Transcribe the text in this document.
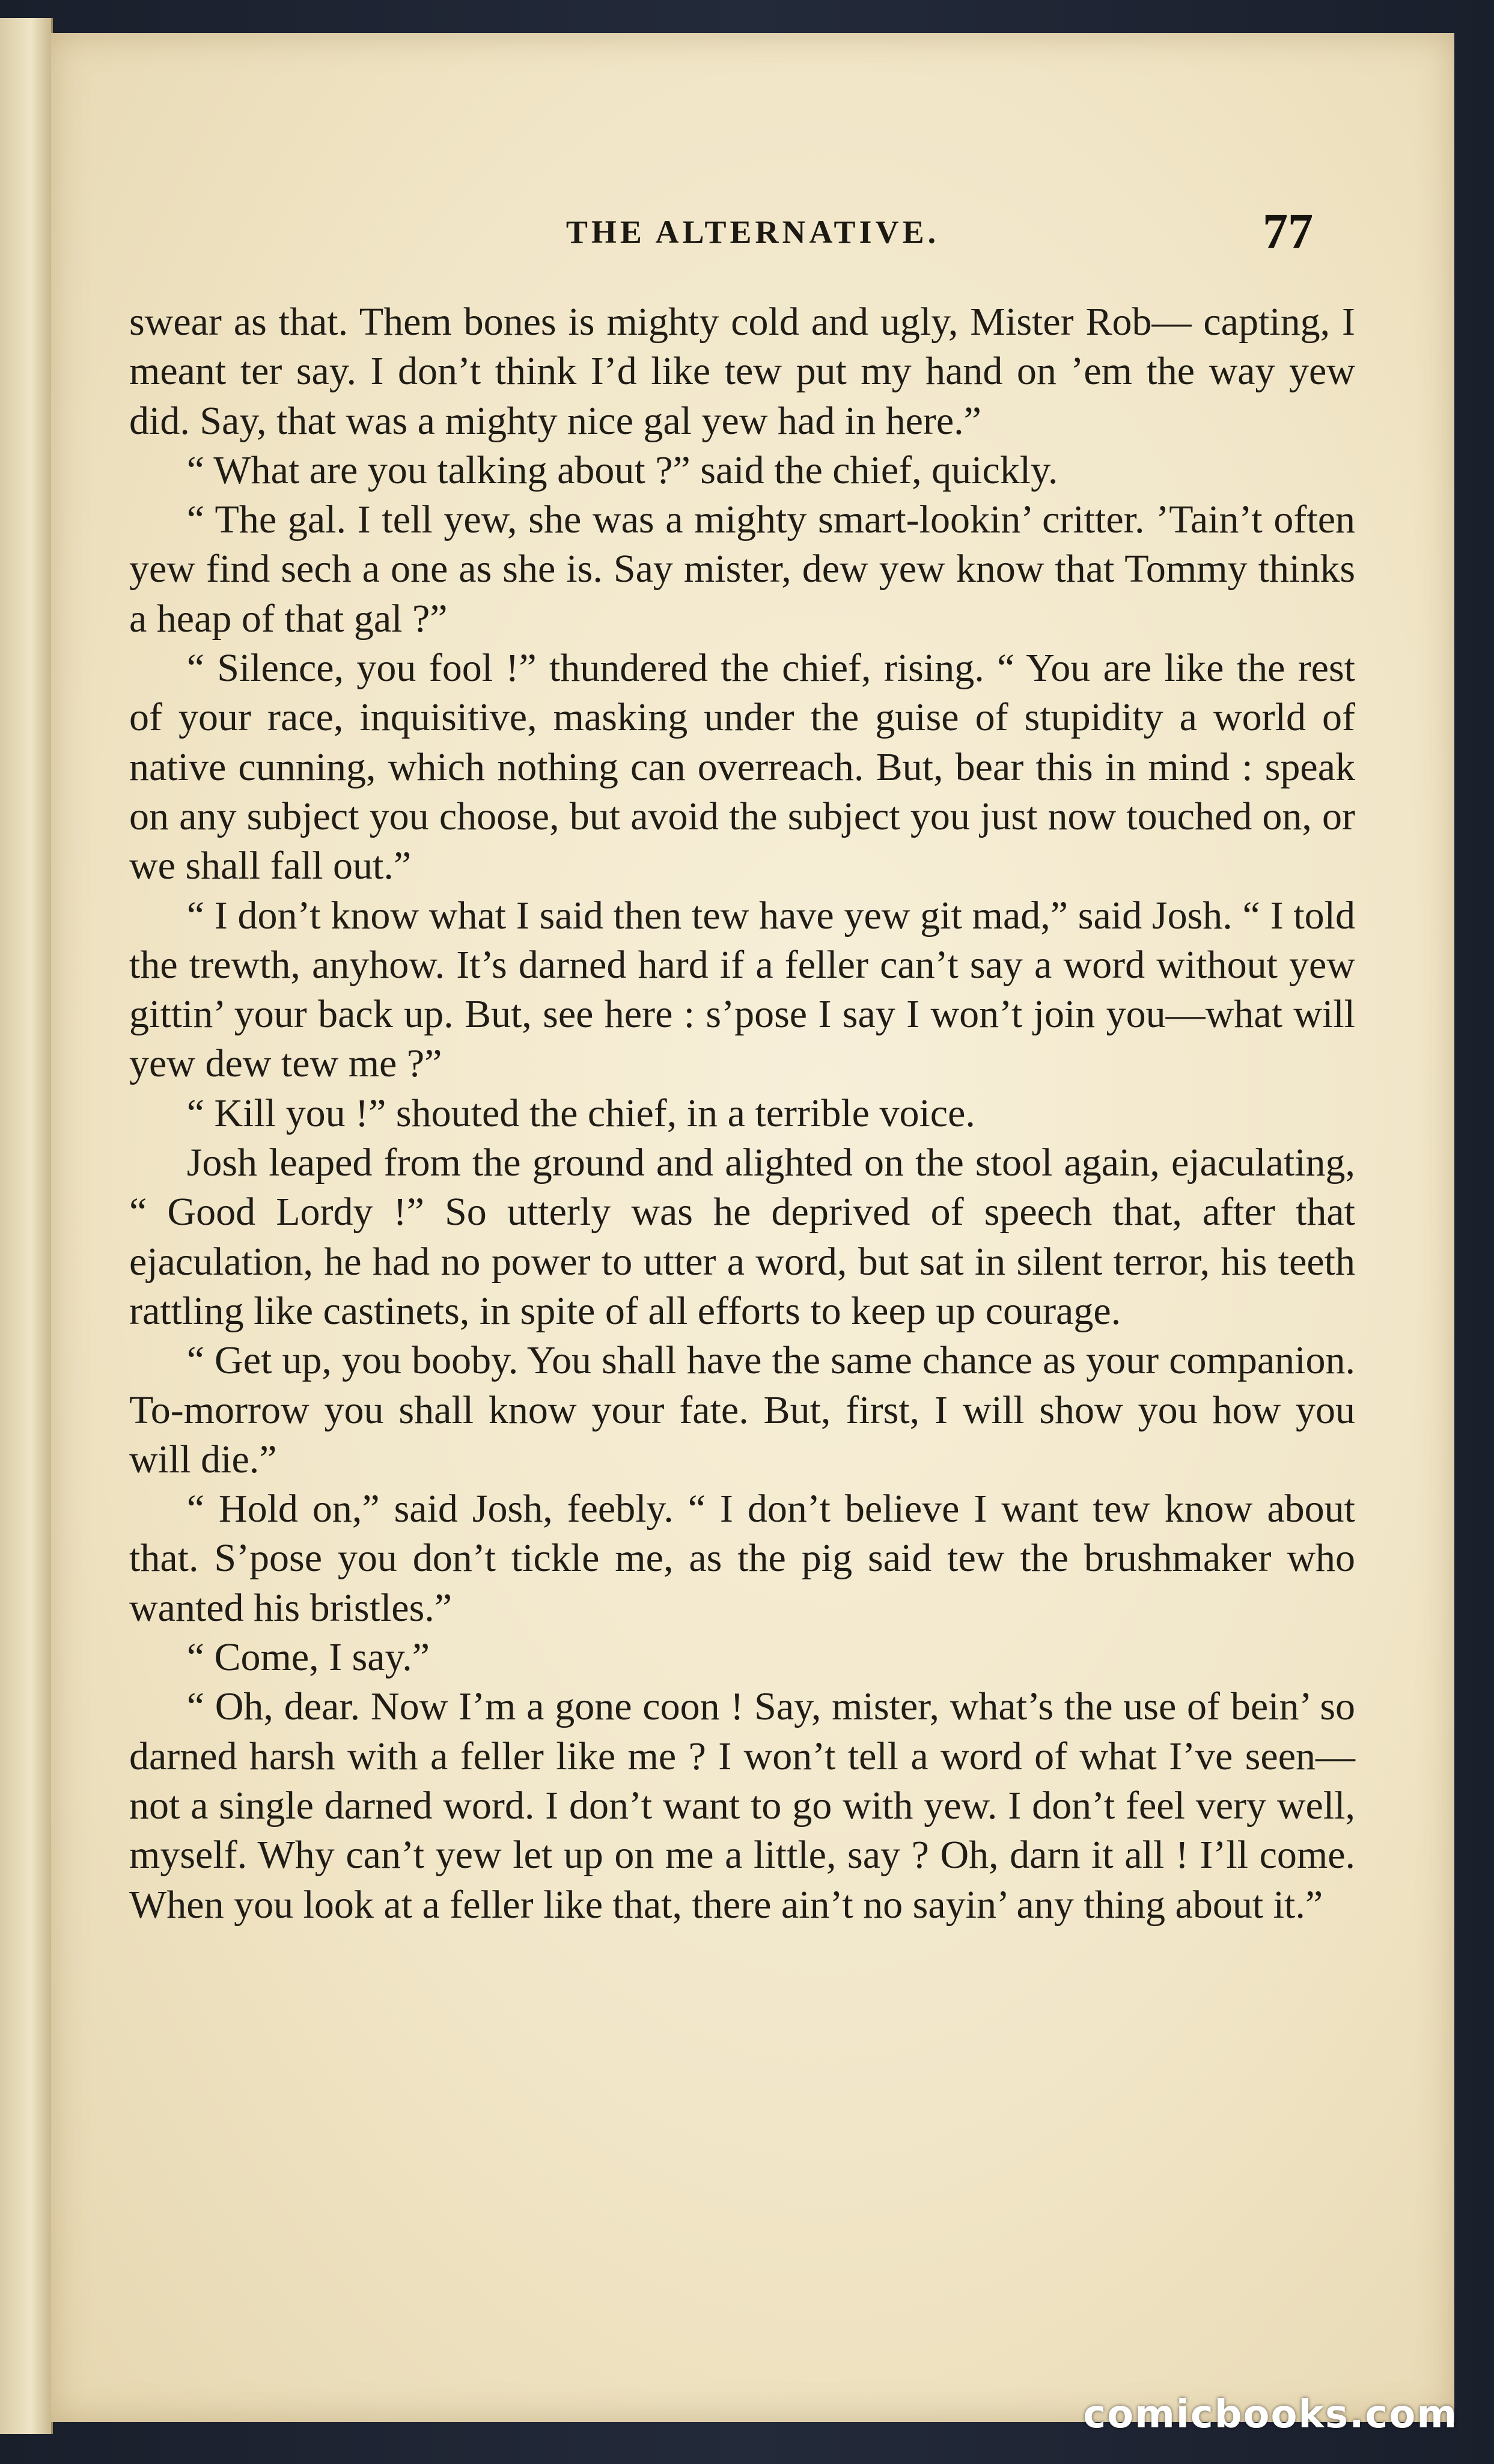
THE ALTERNATIVE.	77

swear as that. Them bones is mighty cold and ugly, Mister Rob— capting, I meant ter say. I don’t think I’d like tew put my hand on ’em the way yew did. Say, that was a mighty nice gal yew had in here.”

“ What are you talking about ?” said the chief, quickly.

“ The gal. I tell yew, she was a mighty smart-lookin’ critter. ’Tain’t often yew find sech a one as she is. Say mister, dew yew know that Tommy thinks a heap of that gal ?”

“ Silence, you fool !” thundered the chief, rising. “ You are like the rest of your race, inquisitive, masking under the guise of stupidity a world of native cunning, which nothing can overreach. But, bear this in mind : speak on any subject you choose, but avoid the subject you just now touched on, or we shall fall out.”

“ I don’t know what I said then tew have yew git mad,” said Josh. “ I told the trewth, anyhow. It’s darned hard if a feller can’t say a word without yew gittin’ your back up. But, see here : s’pose I say I won’t join you—what will yew dew tew me ?”

“ Kill you !” shouted the chief, in a terrible voice.

Josh leaped from the ground and alighted on the stool again, ejaculating, “ Good Lordy !” So utterly was he deprived of speech that, after that ejaculation, he had no power to utter a word, but sat in silent terror, his teeth rattling like castinets, in spite of all efforts to keep up courage.

“ Get up, you booby. You shall have the same chance as your companion. To-morrow you shall know your fate. But, first, I will show you how you will die.”

“ Hold on,” said Josh, feebly. “ I don’t believe I want tew know about that. S’pose you don’t tickle me, as the pig said tew the brushmaker who wanted his bristles.”

“ Come, I say.”

“ Oh, dear. Now I’m a gone coon ! Say, mister, what’s the use of bein’ so darned harsh with a feller like me ? I won’t tell a word of what I’ve seen—not a single darned word. I don’t want to go with yew. I don’t feel very well, myself. Why can’t yew let up on me a little, say ? Oh, darn it all ! I’ll come. When you look at a feller like that, there ain’t no sayin’ any thing about it.”

comicbooks.com
